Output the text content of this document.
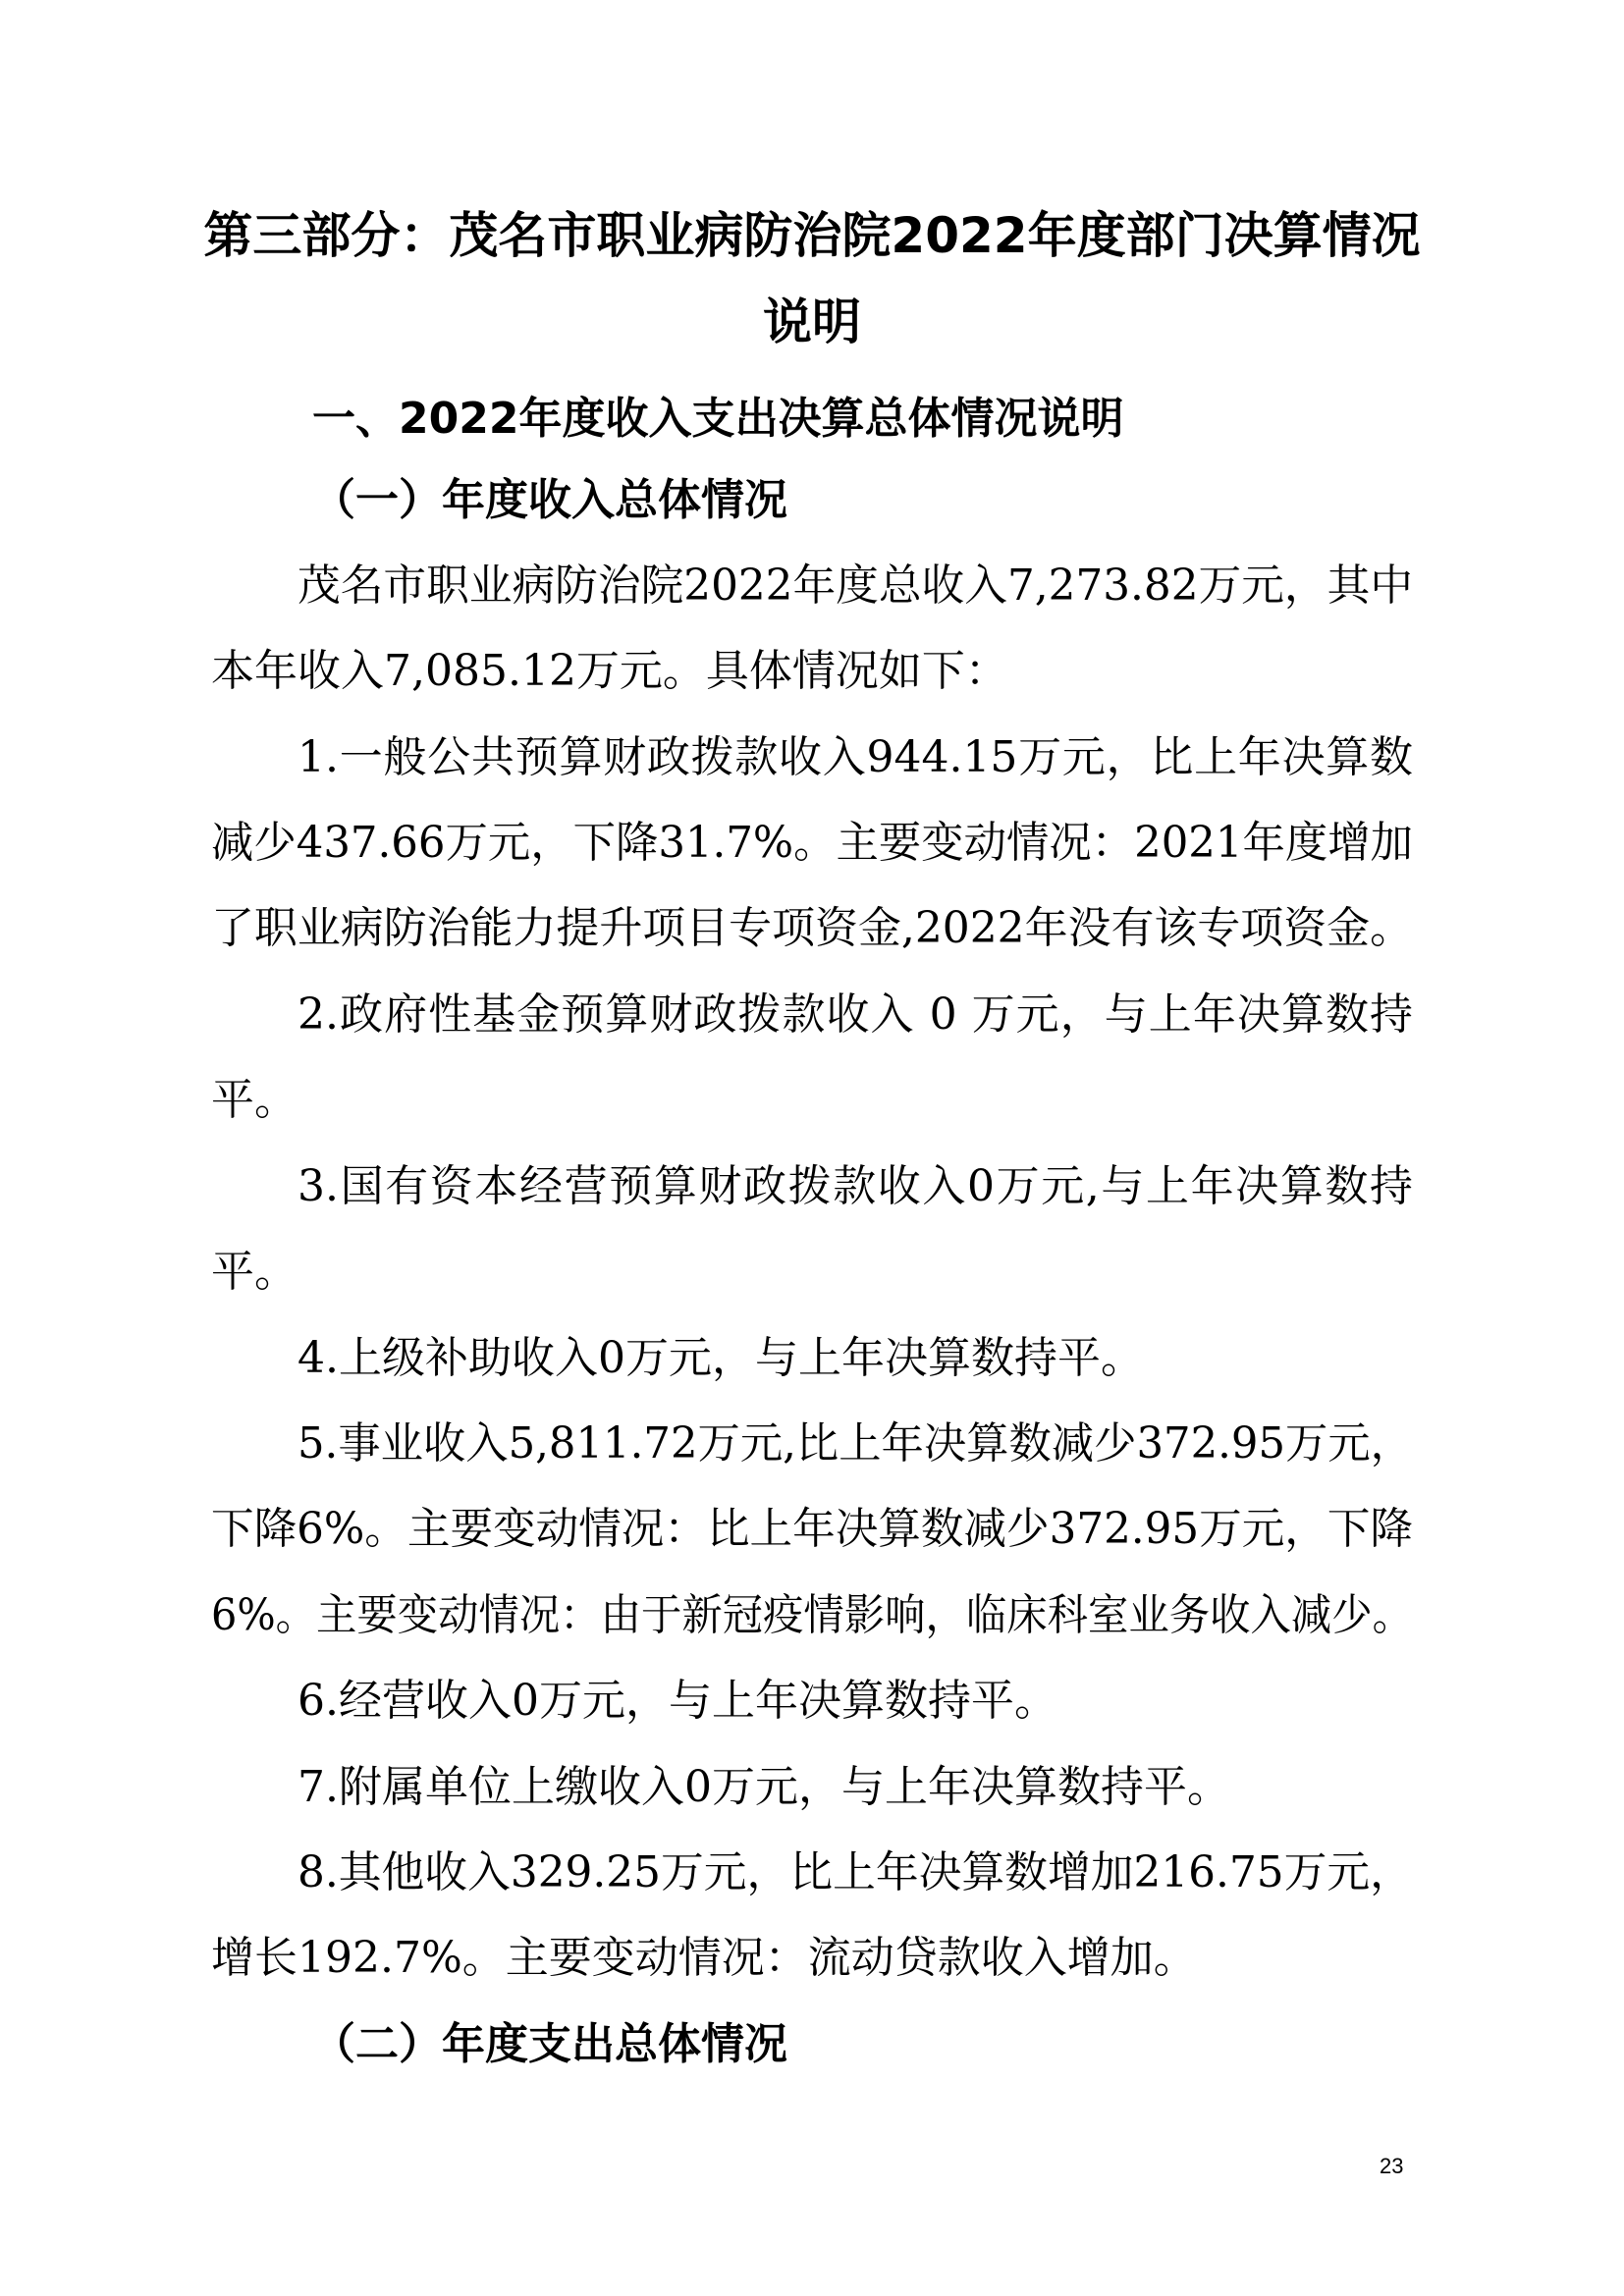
第三部分：茂名市职业病防治院2022年度部门决算情况
说明
一、2022年度收入支出决算总体情况说明
（一）年度收入总体情况
茂名市职业病防治院2022年度总收入7,273.82万元，其中
本年收入7,085.12万元。具体情况如下：
1.一般公共预算财政拨款收入944.15万元，比上年决算数
减少437.66万元，下降31.7%。主要变动情况：2021年度增加
了职业病防治能力提升项目专项资金,2022年没有该专项资金。
2.政府性基金预算财政拨款收入 0 万元，与上年决算数持
平。
3.国有资本经营预算财政拨款收入0万元,与上年决算数持
平。
4.上级补助收入0万元，与上年决算数持平。
5.事业收入5,811.72万元,比上年决算数减少372.95万元，
下降6%。主要变动情况：比上年决算数减少372.95万元，下降
6%。主要变动情况：由于新冠疫情影响，临床科室业务收入减少。
6.经营收入0万元，与上年决算数持平。
7.附属单位上缴收入0万元，与上年决算数持平。
8.其他收入329.25万元，比上年决算数增加216.75万元，
增长192.7%。主要变动情况：流动贷款收入增加。
（二）年度支出总体情况
23
